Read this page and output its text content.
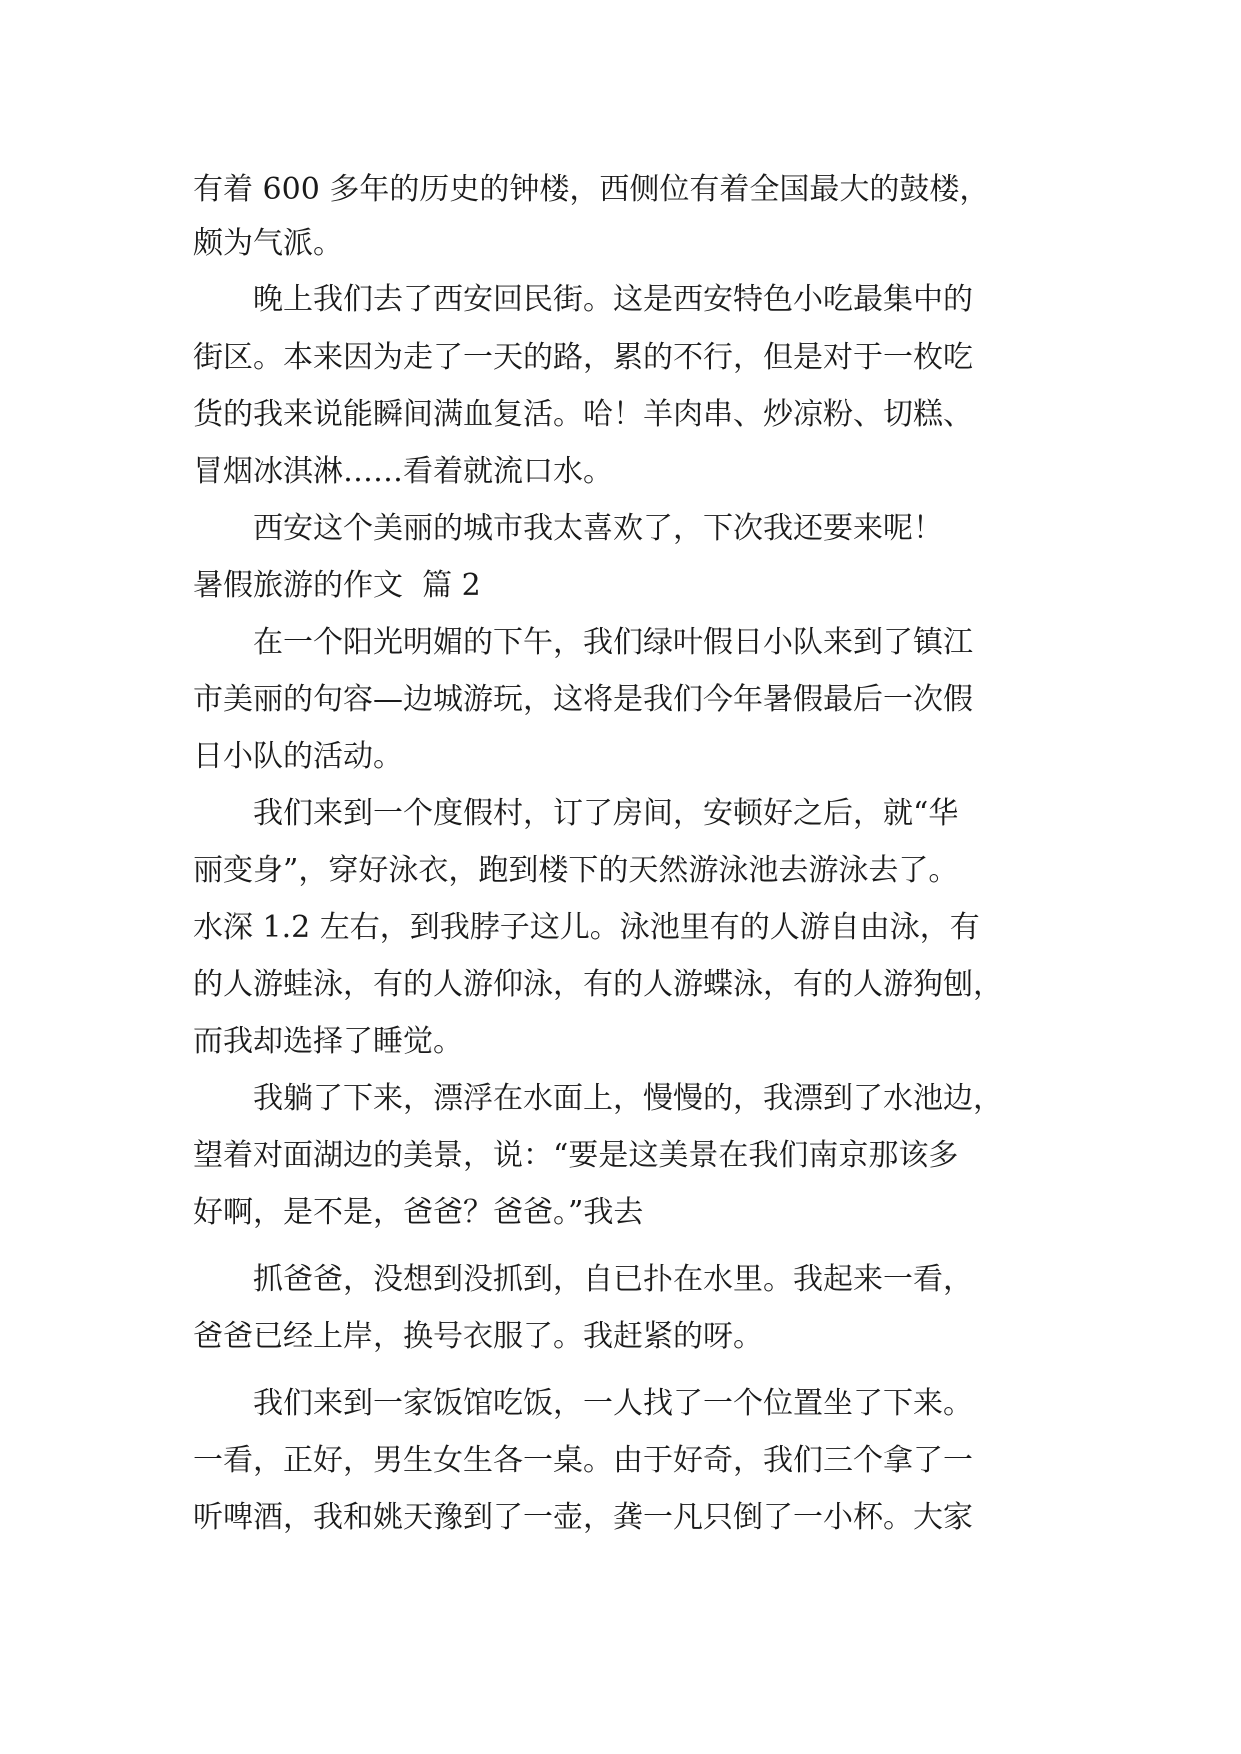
有着 600 多年的历史的钟楼，西侧位有着全国最大的鼓楼，
颇为气派。
　　晚上我们去了西安回民街。这是西安特色小吃最集中的
街区。本来因为走了一天的路，累的不行，但是对于一枚吃
货的我来说能瞬间满血复活。哈！羊肉串、炒凉粉、切糕、
冒烟冰淇淋……看着就流口水。
　　西安这个美丽的城市我太喜欢了，下次我还要来呢！
暑假旅游的作文  篇 2
　　在一个阳光明媚的下午，我们绿叶假日小队来到了镇江
市美丽的句容—边城游玩，这将是我们今年暑假最后一次假
日小队的活动。
　　我们来到一个度假村，订了房间，安顿好之后，就“华
丽变身”，穿好泳衣，跑到楼下的天然游泳池去游泳去了。
水深 1.2 左右，到我脖子这儿。泳池里有的人游自由泳，有
的人游蛙泳，有的人游仰泳，有的人游蝶泳，有的人游狗刨，
而我却选择了睡觉。
　　我躺了下来，漂浮在水面上，慢慢的，我漂到了水池边，
望着对面湖边的美景，说：“要是这美景在我们南京那该多
好啊，是不是，爸爸？爸爸。”我去
　　抓爸爸，没想到没抓到，自已扑在水里。我起来一看，
爸爸已经上岸，换号衣服了。我赶紧的呀。
　　我们来到一家饭馆吃饭，一人找了一个位置坐了下来。
一看，正好，男生女生各一桌。由于好奇，我们三个拿了一
听啤酒，我和姚天豫到了一壶，龚一凡只倒了一小杯。大家
